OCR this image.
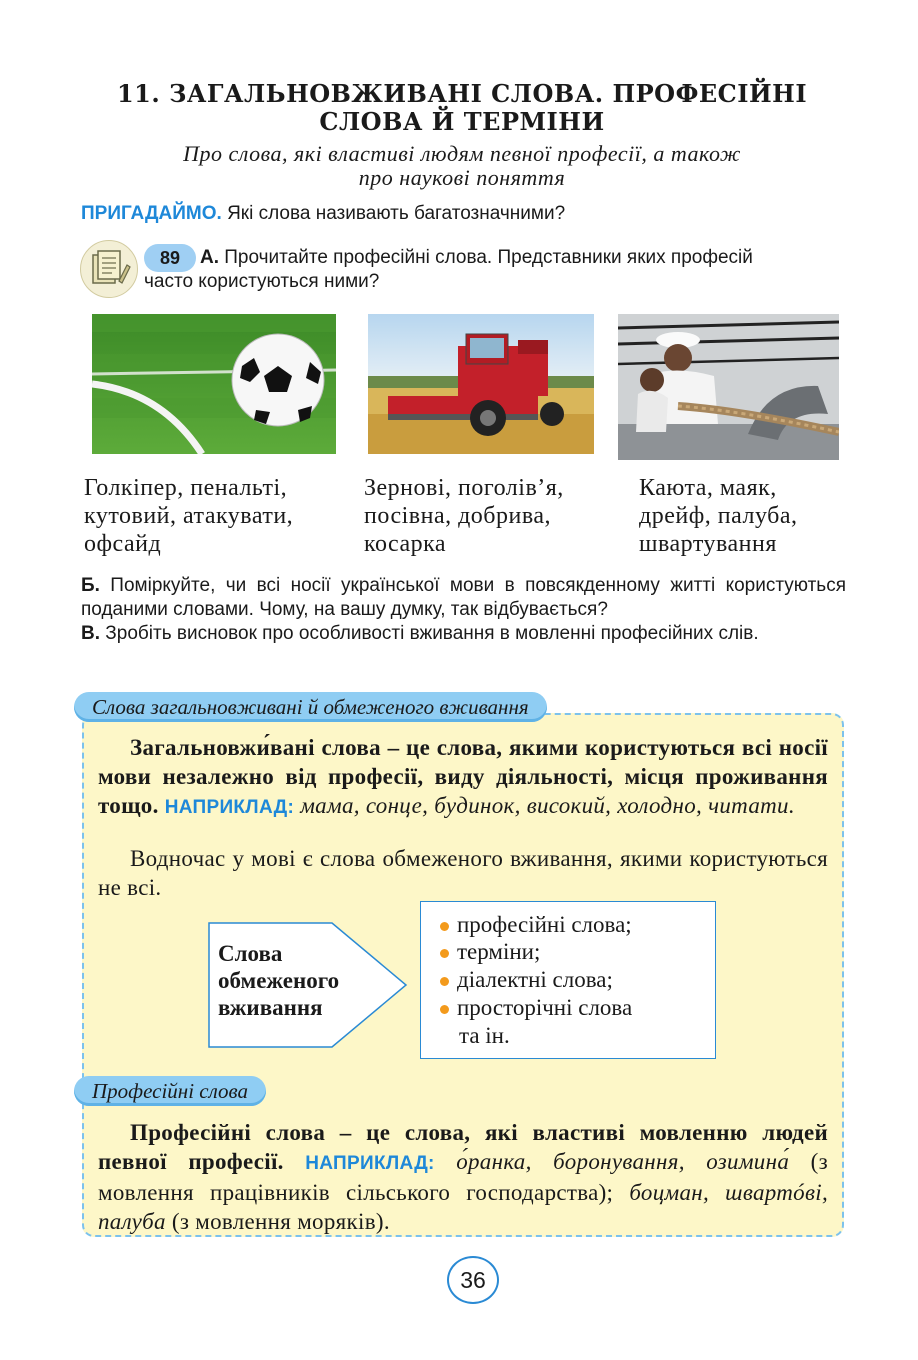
11. ЗАГАЛЬНОВЖИВАНІ СЛОВА. ПРОФЕСІЙНІ
СЛОВА Й ТЕРМІНИ
Про слова, які властиві людям певної професії, а також
про наукові поняття
ПРИГАДАЙМО. Які слова називають багатозначними?
89	А. Прочитайте професійні слова. Представники яких професій
часто користуються ними?
Голкіпер, пенальті,
кутовий, атакувати,
офсайд
Зернові, поголів’я,
посівна, добрива,
косарка
Каюта, маяк,
дрейф, палуба,
швартування
Б. Поміркуйте, чи всі носії української мови в повсякденному житті користуються поданими словами. Чому, на вашу думку, так відбувається?
В. Зробіть висновок про особливості вживання в мовленні професійних слів.
Слова загальновживані й обмежeного вживання
Загальновжи́вані слова – це слова, якими користуються всі носії мови незалежно від професії, виду діяльності, місця проживання тощо. НАПРИКЛАД: мама, сонце, будинок, високий, холодно, читати.
Водночас у мові є слова обмеженого вживання, якими користуються не всі.
Слова
обмеженого
вживання
професійні слова;
терміни;
діалектні слова;
просторічні слова
та ін.
Професійні слова
Професійні слова – це слова, які властиві мовленню людей певної професії. НАПРИКЛАД: о́ранка, боронування, озимина́ (з мовлення працівників сільського господарства); боцман, швартóві, палуба (з мовлення моряків).
36
